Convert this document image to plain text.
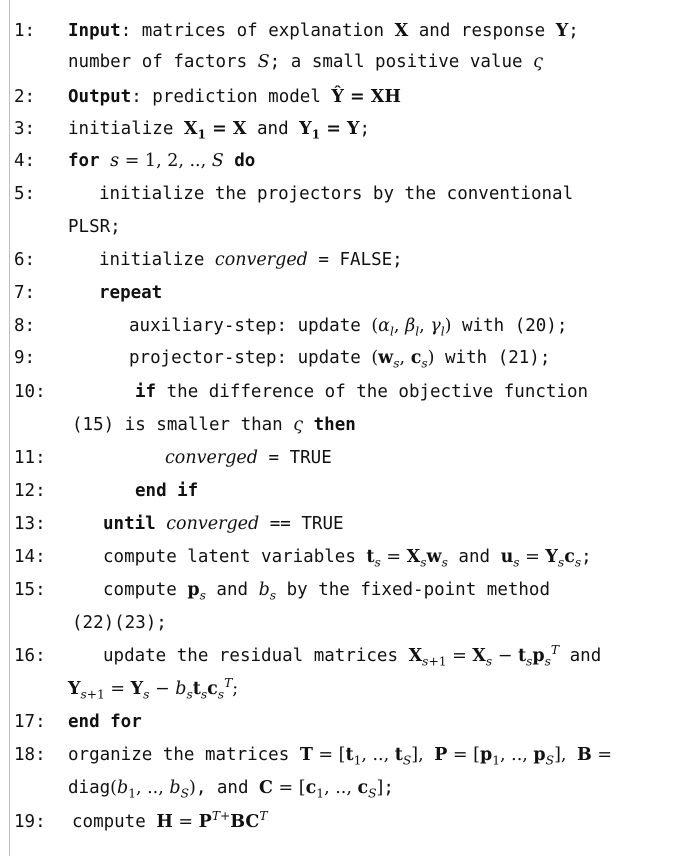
1: Input: matrices of explanation X and response Y;
number of factors S; a small positive value ς
2: Output: prediction model Ŷ = XH
3: initialize $X_1 = X$ and $Y_1 = Y$;
4: for s = 1, 2, .., S do
5:	initialize the projectors by the conventional
PLSR;
6:	initialize converged = FALSE;
7:	repeat
8:	auxiliary-step: update ($\alpha_l$, $\beta_l$, $\gamma_l$) with (20);
9:	projector-step: update ($w_s$, $c_s$) with (21);
10:	if the difference of the objective function
(15) is smaller than ς then
11:	converged = TRUE
12:	end if
13:	until converged == TRUE
14:	compute latent variables $t_s = X_sw_s$ and $u_s = Y_sc_s$;
15:	compute $p_s$ and $b_s$ by the fixed-point method
(22)(23);
16:	update the residual matrices $X_{s+1} = X_s - t_sp_s^T$ and
$Y_{s+1} = Y_s - b_st_sc_s^T$;
17: end for
18: organize the matrices $T = [t_1$, .., $t_S$], $P = [p_1$, .., $p_S$], B =
$diag(b_1$, .., $b_S$), and $C = [c_1$, .., $c_S$];
19: compute $H = P^{T+}BC^T$
